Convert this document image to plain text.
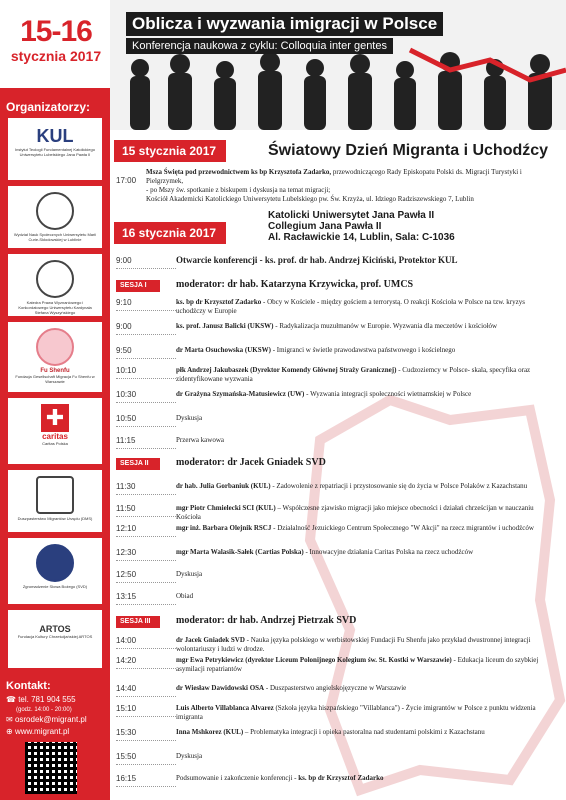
15-16
stycznia 2017
Organizatorzy:
KUL
Instytut Teologii Fundamentalnej Katolickiego Uniwersytetu Lubelskiego Jana Pawła II
Wydział Nauk Społecznych Uniwersytetu Marii Curie-Skłodowskiej w Lublinie
Katedra Prawa Wyznaniowego i Konkordatowego Uniwersytetu Kardynała Stefana Wyszyńskiego
Fu Shenfu
Fundacja Gesellschaft Migracja Fu Shenfu w Warszawie
✚
caritas
Caritas Polska
Duszpasterstwo Migrantów Urzędu (DMS)
Zgromadzenie Słowa Bożego (SVD)
ARTOS
Fundacja Kultury Chrześcijańskiej ARTOS
Kontakt:
☎ tel. 781 904 555
(godz. 14:00 - 20:00)
✉ osrodek@migrant.pl
⊕ www.migrant.pl
Oblicza i wyzwania imigracji w Polsce
Konferencja naukowa z cyklu: Colloquia inter gentes
15 stycznia 2017	Światowy Dzień Migranta i Uchodźcy
17:00
Msza Święta pod przewodnictwem ks bp Krzysztofa Zadarko, przewodniczącego Rady Episkopatu Polski ds. Migracji Turystyki i Pielgrzymek,
- po Mszy św. spotkanie z biskupem i dyskusja na temat migracji;
Kościół Akademicki Katolickiego Uniwersytetu Lubelskiego pw. Św. Krzyża, ul. Idziego Radziszewskiego 7, Lublin
16 stycznia 2017
Katolicki Uniwersytet Jana Pawła II
Collegium Jana Pawła II
Al. Racławickie 14, Lublin, Sala: C-1036
9:00	Otwarcie konferencji - ks. prof. dr hab. Andrzej Kiciński, Protektor KUL
SESJA I	moderator: dr hab. Katarzyna Krzywicka, prof. UMCS
9:10	ks. bp dr Krzysztof Zadarko - Obcy w Kościele - między gościem a terrorystą. O reakcji Kościoła w Polsce na tzw. kryzys uchodźczy w Europie
9:00	ks. prof. Janusz Balicki (UKSW) - Radykalizacja muzułmanów w Europie. Wyzwania dla meczetów i kościołów
9:50	dr Marta Osuchowska (UKSW) - Imigranci w świetle prawodawstwa państwowego i kościelnego
10:10	płk Andrzej Jakubaszek (Dyrektor Komendy Głównej Straży Granicznej) - Cudzoziemcy w Polsce- skala, specyfika oraz zidentyfikowane wyzwania
10:30	dr Grażyna Szymańska-Matusiewicz (UW) - Wyzwania integracji społeczności wietnamskiej w Polsce
10:50	Dyskusja
11:15	Przerwa kawowa
SESJA II	moderator: dr Jacek Gniadek SVD
11:30	dr hab. Julia Gorbaniuk (KUL) - Zadowolenie z repatriacji i przystosowanie się do życia w Polsce Polaków z Kazachstanu
11:50	mgr Piotr Chmielecki SCI (KUL) – Współczesne zjawisko migracji jako miejsce obecności i działań chrześcijan w nauczaniu Kościoła
12:10	mgr inż. Barbara Olejnik RSCJ - Działalność Jezuickiego Centrum Społecznego "W Akcji" na rzecz migrantów i uchodźców
12:30	mgr Marta Walasik-Sałek (Cartias Polska) - Innowacyjne działania Caritas Polska na rzecz uchodźców
12:50	Dyskusja
13:15	Obiad
SESJA III	moderator: dr hab. Andrzej Pietrzak SVD
14:00	dr Jacek Gniadek SVD - Nauka języka polskiego w werbistowskiej Fundacji Fu Shenfu jako przykład dwustronnej integracji wolontariuszy i ludzi w drodze.
14:20	mgr Ewa Petrykiewicz (dyrektor Liceum Polonijnego Kolegium św. St. Kostki w Warszawie) - Edukacja liceum do szybkiej asymilacji repatriantów
14:40	dr Wiesław Dawidowski OSA - Duszpasterstwo angielskojęzyczne w Warszawie
15:10	Luis Alberto Villablanca Alvarez (Szkoła języka hiszpańskiego "Villablanca") - Życie imigrantów w Polsce z punktu widzenia imigranta
15:30	Inna Mshkorez (KUL) – Problematyka integracji i opieka pastoralna nad studentami polskimi z Kazachstanu
15:50	Dyskusja
16:15	Podsumowanie i zakończenie konferencji - ks. bp dr Krzysztof Zadarko
